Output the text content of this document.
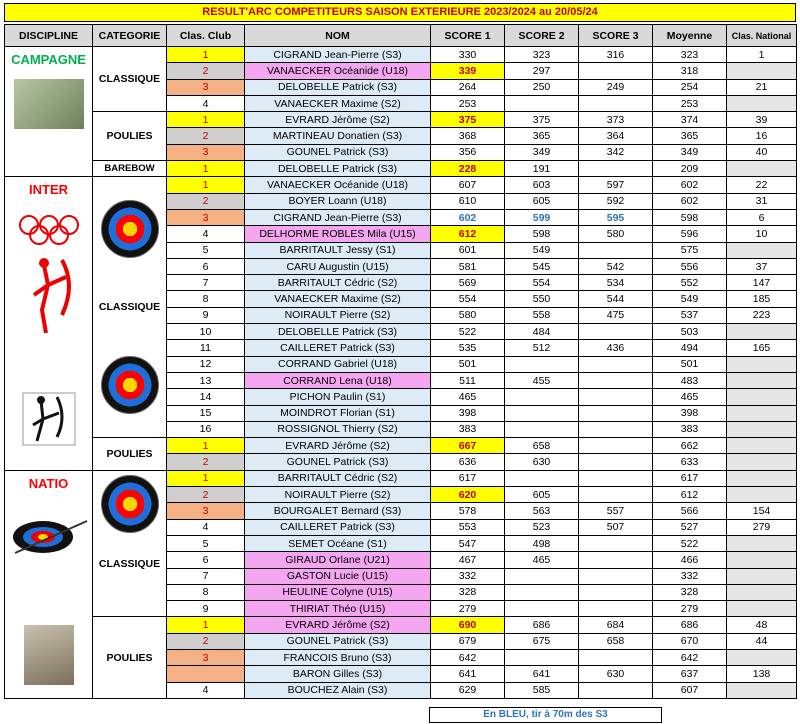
RESULT'ARC COMPETITEURS SAISON EXTERIEURE 2023/2024 au 20/05/24
DISCIPLINE	CATEGORIE	Clas. Club	NOM	SCORE 1	SCORE 2	SCORE 3	Moyenne	Clas. National

CAMPAGNE	CLASSIQUE	1	CIGRAND Jean-Pierre (S3)	330	323	316	323	1
		2	VANAECKER Océanide (U18)	339	297		318	
		3	DELOBELLE Patrick (S3)	264	250	249	254	21
		4	VANAECKER Maxime (S2)	253			253	
	POULIES	1	EVRARD Jérôme (S2)	375	375	373	374	39
		2	MARTINEAU Donatien (S3)	368	365	364	365	16
		3	GOUNEL Patrick (S3)	356	349	342	349	40
	BAREBOW	1	DELOBELLE Patrick (S3)	228	191		209	

INTER	CLASSIQUE	1	VANAECKER Océanide (U18)	607	603	597	602	22
		2	BOYER Loann (U18)	610	605	592	602	31
		3	CIGRAND Jean-Pierre (S3)	602	599	595	598	6
		4	DELHORME ROBLES Mila (U15)	612	598	580	596	10
		5	BARRITAULT Jessy (S1)	601	549		575	
		6	CARU Augustin (U15)	581	545	542	556	37
		7	BARRITAULT Cédric (S2)	569	554	534	552	147
		8	VANAECKER Maxime (S2)	554	550	544	549	185
		9	NOIRAULT Pierre (S2)	580	558	475	537	223
		10	DELOBELLE Patrick (S3)	522	484		503	
		11	CAILLERET Patrick (S3)	535	512	436	494	165
		12	CORRAND Gabriel (U18)	501			501	
		13	CORRAND Lena (U18)	511	455		483	
		14	PICHON Paulin (S1)	465			465	
		15	MOINDROT Florian (S1)	398			398	
		16	ROSSIGNOL Thierry (S2)	383			383	
	POULIES	1	EVRARD Jérôme (S2)	667	658		662	
		2	GOUNEL Patrick (S3)	636	630		633	

NATIO	CLASSIQUE	1	BARRITAULT Cédric (S2)	617			617	
		2	NOIRAULT Pierre (S2)	620	605		612	
		3	BOURGALET Bernard (S3)	578	563	557	566	154
		4	CAILLERET Patrick (S3)	553	523	507	527	279
		5	SEMET Océane (S1)	547	498		522	
		6	GIRAUD Orlane (U21)	467	465		466	
		7	GASTON Lucie (U15)	332			332	
		8	HEULINE Colyne (U15)	328			328	
		9	THIRIAT Théo (U15)	279			279	
	POULIES	1	EVRARD Jérôme (S2)	690	686	684	686	48
		2	GOUNEL Patrick (S3)	679	675	658	670	44
		3	FRANCOIS Bruno (S3)	642			642	
			BARON Gilles (S3)	641	641	630	637	138
		4	BOUCHEZ Alain (S3)	629	585		607	
En BLEU, tir à 70m des S3
